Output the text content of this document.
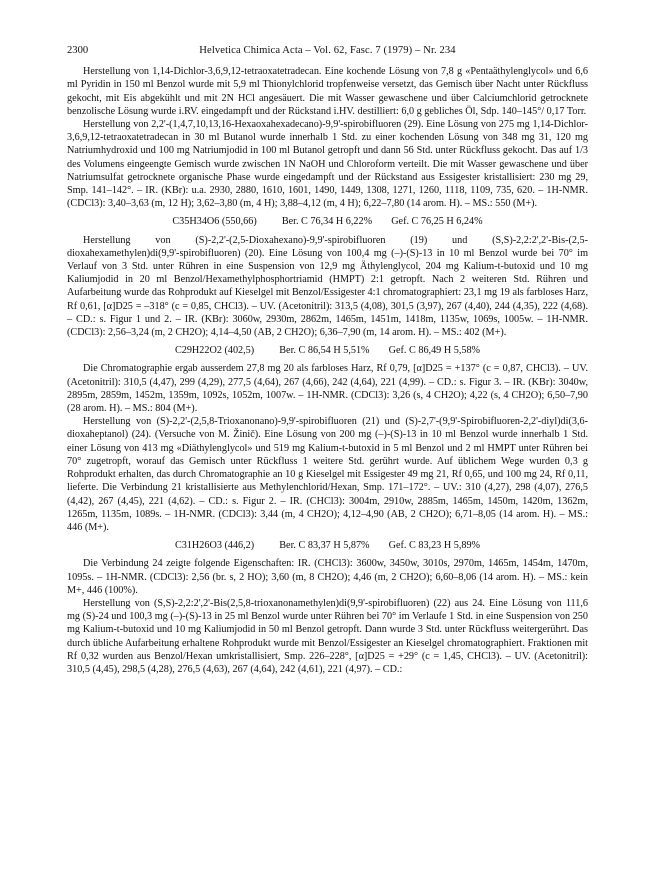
2300	Helvetica Chimica Acta – Vol. 62, Fasc. 7 (1979) – Nr. 234

Herstellung von 1,14-Dichlor-3,6,9,12-tetraoxatetradecan. Eine kochende Lösung von 7,8 g «Pentaäthylenglycol» und 6,6 ml Pyridin in 150 ml Benzol wurde mit 5,9 ml Thionylchlorid tropfenweise versetzt, das Gemisch über Nacht unter Rückfluss gekocht, mit Eis abgekühlt und mit 2N HCl angesäuert. Die mit Wasser gewaschene und über Calciumchlorid getrocknete benzolische Lösung wurde i.RV. eingedampft und der Rückstand i.HV. destilliert: 6,0 g gebliches Öl, Sdp. 140–145°/ 0,17 Torr.

Herstellung von 2,2'-(1,4,7,10,13,16-Hexaoxahexadecano)-9,9'-spirobifluoren (29). Eine Lösung von 275 mg 1,14-Dichlor-3,6,9,12-tetraoxatetradecan in 30 ml Butanol wurde innerhalb 1 Std. zu einer kochenden Lösung von 348 mg 31, 120 mg Natriumhydroxid und 100 mg Natriumjodid in 100 ml Butanol getropft und dann 56 Std. unter Rückfluss gekocht. Das auf 1/3 des Volumens eingeengte Gemisch wurde zwischen 1N NaOH und Chloroform verteilt. Die mit Wasser gewaschene und über Natriumsulfat getrocknete organische Phase wurde eingedampft und der Rückstand aus Essigester kristallisiert: 230 mg 29, Smp. 141–142°. – IR. (KBr): u.a. 2930, 2880, 1610, 1601, 1490, 1449, 1308, 1271, 1260, 1118, 1109, 735, 620. – 1H-NMR. (CDCl3): 3,40–3,63 (m, 12 H); 3,62–3,80 (m, 4 H); 3,88–4,12 (m, 4 H); 6,22–7,80 (14 arom. H). – MS.: 550 (M+).

C35H34O6 (550,66) Ber. C 76,34 H 6,22% Gef. C 76,25 H 6,24%

Herstellung von (S)-2,2'-(2,5-Dioxahexano)-9,9'-spirobifluoren (19) und (S,S)-2,2:2',2'-Bis-(2,5-dioxahexamethylen)di(9,9'-spirobifluoren) (20). Eine Lösung von 100,4 mg (–)-(S)-13 in 10 ml Benzol wurde bei 70° im Verlauf von 3 Std. unter Rühren in eine Suspension von 12,9 mg Äthylenglycol, 204 mg Kalium-t-butoxid und 10 mg Kaliumjodid in 20 ml Benzol/Hexamethylphosphortriamid (HMPT) 2:1 getropft. Nach 2 weiteren Std. Rühren und Aufarbeitung wurde das Rohprodukt auf Kieselgel mit Benzol/Essigester 4:1 chromatographiert: 23,1 mg 19 als farbloses Harz, Rf 0,61, [α]D25 = –318° (c = 0,85, CHCl3). – UV. (Acetonitril): 313,5 (4,08), 301,5 (3,97), 267 (4,40), 244 (4,35), 222 (4,68). – CD.: s. Figur 1 und 2. – IR. (KBr): 3060w, 2930m, 2862m, 1465m, 1451m, 1418m, 1135w, 1069s, 1005w. – 1H-NMR. (CDCl3): 2,56–3,24 (m, 2 CH2O); 4,14–4,50 (AB, 2 CH2O); 6,36–7,90 (m, 14 arom. H). – MS.: 402 (M+).

C29H22O2 (402,5) Ber. C 86,54 H 5,51% Gef. C 86,49 H 5,58%

Die Chromatographie ergab ausserdem 27,8 mg 20 als farbloses Harz, Rf 0,79, [α]D25 = +137° (c = 0,87, CHCl3). – UV. (Acetonitril): 310,5 (4,47), 299 (4,29), 277,5 (4,64), 267 (4,66), 242 (4,64), 221 (4,99). – CD.: s. Figur 3. – IR. (KBr): 3040w, 2895m, 2859m, 1452m, 1359m, 1092s, 1052m, 1007w. – 1H-NMR. (CDCl3): 3,26 (s, 4 CH2O); 4,22 (s, 4 CH2O); 6,50–7,90 (28 arom. H). – MS.: 804 (M+).

Herstellung von (S)-2,2'-(2,5,8-Trioxanonano)-9,9'-spirobifluoren (21) und (S)-2,7'-(9,9'-Spirobifluoren-2,2'-diyl)di(3,6-dioxaheptanol) (24). (Versuche von M. Žinič). Eine Lösung von 200 mg (–)-(S)-13 in 10 ml Benzol wurde innerhalb 1 Std. einer Lösung von 413 mg «Diäthylenglycol» und 519 mg Kalium-t-butoxid in 5 ml Benzol und 2 ml HMPT unter Rühren bei 70° zugetropft, worauf das Gemisch unter Rückfluss 1 weitere Std. gerührt wurde. Auf üblichem Wege wurden 0,3 g Rohprodukt erhalten, das durch Chromatographie an 10 g Kieselgel mit Essigester 49 mg 21, Rf 0,65, und 100 mg 24, Rf 0,11, lieferte. Die Verbindung 21 kristallisierte aus Methylenchlorid/Hexan, Smp. 171–172°. – UV.: 310 (4,27), 298 (4,07), 276,5 (4,42), 267 (4,45), 221 (4,62). – CD.: s. Figur 2. – IR. (CHCl3): 3004m, 2910w, 2885m, 1465m, 1450m, 1420m, 1362m, 1265m, 1135m, 1089s. – 1H-NMR. (CDCl3): 3,44 (m, 4 CH2O); 4,12–4,90 (AB, 2 CH2O); 6,71–8,05 (14 arom. H). – MS.: 446 (M+).

C31H26O3 (446,2) Ber. C 83,37 H 5,87% Gef. C 83,23 H 5,89%

Die Verbindung 24 zeigte folgende Eigenschaften: IR. (CHCl3): 3600w, 3450w, 3010s, 2970m, 1465m, 1454m, 1470m, 1095s. – 1H-NMR. (CDCl3): 2,56 (br. s, 2 HO); 3,60 (m, 8 CH2O); 4,46 (m, 2 CH2O); 6,60–8,06 (14 arom. H). – MS.: kein M+, 446 (100%).

Herstellung von (S,S)-2,2:2',2'-Bis(2,5,8-trioxanonamethylen)di(9,9'-spirobifluoren) (22) aus 24. Eine Lösung von 111,6 mg (S)-24 und 100,3 mg (–)-(S)-13 in 25 ml Benzol wurde unter Rühren bei 70° im Verlaufe 1 Std. in eine Suspension von 250 mg Kalium-t-butoxid und 10 mg Kaliumjodid in 50 ml Benzol getropft. Dann wurde 3 Std. unter Rückfluss weitergerührt. Das durch übliche Aufarbeitung erhaltene Rohprodukt wurde mit Benzol/Essigester an Kieselgel chromatographiert. Fraktionen mit Rf 0,32 wurden aus Benzol/Hexan umkristallisiert, Smp. 226–228°, [α]D25 = +29° (c = 1,45, CHCl3). – UV. (Acetonitril): 310,5 (4,45), 298,5 (4,28), 276,5 (4,63), 267 (4,64), 242 (4,61), 221 (4,97). – CD.:
